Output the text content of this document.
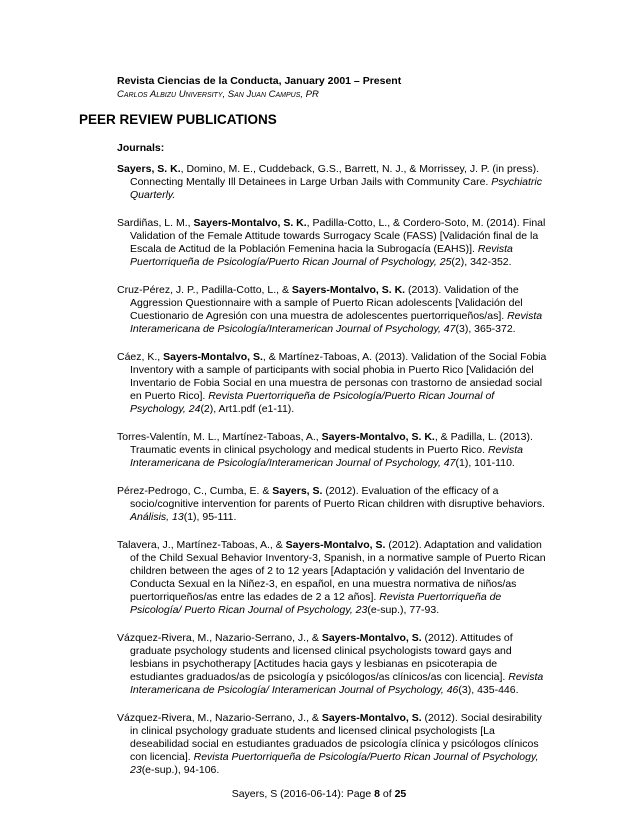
Revista Ciencias de la Conducta, January 2001 – Present
Carlos Albizu University, San Juan Campus, PR
PEER REVIEW PUBLICATIONS
Journals:

Sayers, S. K., Domino, M. E., Cuddeback, G.S., Barrett, N. J., & Morrissey, J. P. (in press). Connecting Mentally Ill Detainees in Large Urban Jails with Community Care. Psychiatric Quarterly.

Sardiñas, L. M., Sayers-Montalvo, S. K., Padilla-Cotto, L., & Cordero-Soto, M. (2014). Final Validation of the Female Attitude towards Surrogacy Scale (FASS) [Validación final de la Escala de Actitud de la Población Femenina hacia la Subrogacía (EAHS)]. Revista Puertorriqueña de Psicología/Puerto Rican Journal of Psychology, 25(2), 342-352.

Cruz-Pérez, J. P., Padilla-Cotto, L., & Sayers-Montalvo, S. K. (2013). Validation of the Aggression Questionnaire with a sample of Puerto Rican adolescents [Validación del Cuestionario de Agresión con una muestra de adolescentes puertorriqueños/as]. Revista Interamericana de Psicología/Interamerican Journal of Psychology, 47(3), 365-372.

Cáez, K., Sayers-Montalvo, S., & Martínez-Taboas, A. (2013). Validation of the Social Fobia Inventory with a sample of participants with social phobia in Puerto Rico [Validación del Inventario de Fobia Social en una muestra de personas con trastorno de ansiedad social en Puerto Rico]. Revista Puertorriqueña de Psicología/Puerto Rican Journal of Psychology, 24(2), Art1.pdf (e1-11).

Torres-Valentín, M. L., Martínez-Taboas, A., Sayers-Montalvo, S. K., & Padilla, L. (2013). Traumatic events in clinical psychology and medical students in Puerto Rico. Revista Interamericana de Psicología/Interamerican Journal of Psychology, 47(1), 101-110.

Pérez-Pedrogo, C., Cumba, E. & Sayers, S. (2012). Evaluation of the efficacy of a socio/cognitive intervention for parents of Puerto Rican children with disruptive behaviors. Análisis, 13(1), 95-111.

Talavera, J., Martínez-Taboas, A., & Sayers-Montalvo, S. (2012). Adaptation and validation of the Child Sexual Behavior Inventory-3, Spanish, in a normative sample of Puerto Rican children between the ages of 2 to 12 years [Adaptación y validación del Inventario de Conducta Sexual en la Niñez-3, en español, en una muestra normativa de niños/as puertorriqueños/as entre las edades de 2 a 12 años]. Revista Puertorriqueña de Psicología/ Puerto Rican Journal of Psychology, 23(e-sup.), 77-93.

Vázquez-Rivera, M., Nazario-Serrano, J., & Sayers-Montalvo, S. (2012). Attitudes of graduate psychology students and licensed clinical psychologists toward gays and lesbians in psychotherapy [Actitudes hacia gays y lesbianas en psicoterapia de estudiantes graduados/as de psicología y psicólogos/as clínicos/as con licencia]. Revista Interamericana de Psicología/ Interamerican Journal of Psychology, 46(3), 435-446.

Vázquez-Rivera, M., Nazario-Serrano, J., & Sayers-Montalvo, S. (2012). Social desirability in clinical psychology graduate students and licensed clinical psychologists [La deseabilidad social en estudiantes graduados de psicología clínica y psicólogos clínicos con licencia]. Revista Puertorriqueña de Psicología/Puerto Rican Journal of Psychology, 23(e-sup.), 94-106.

Sayers, S (2016-06-14): Page 8 of 25
